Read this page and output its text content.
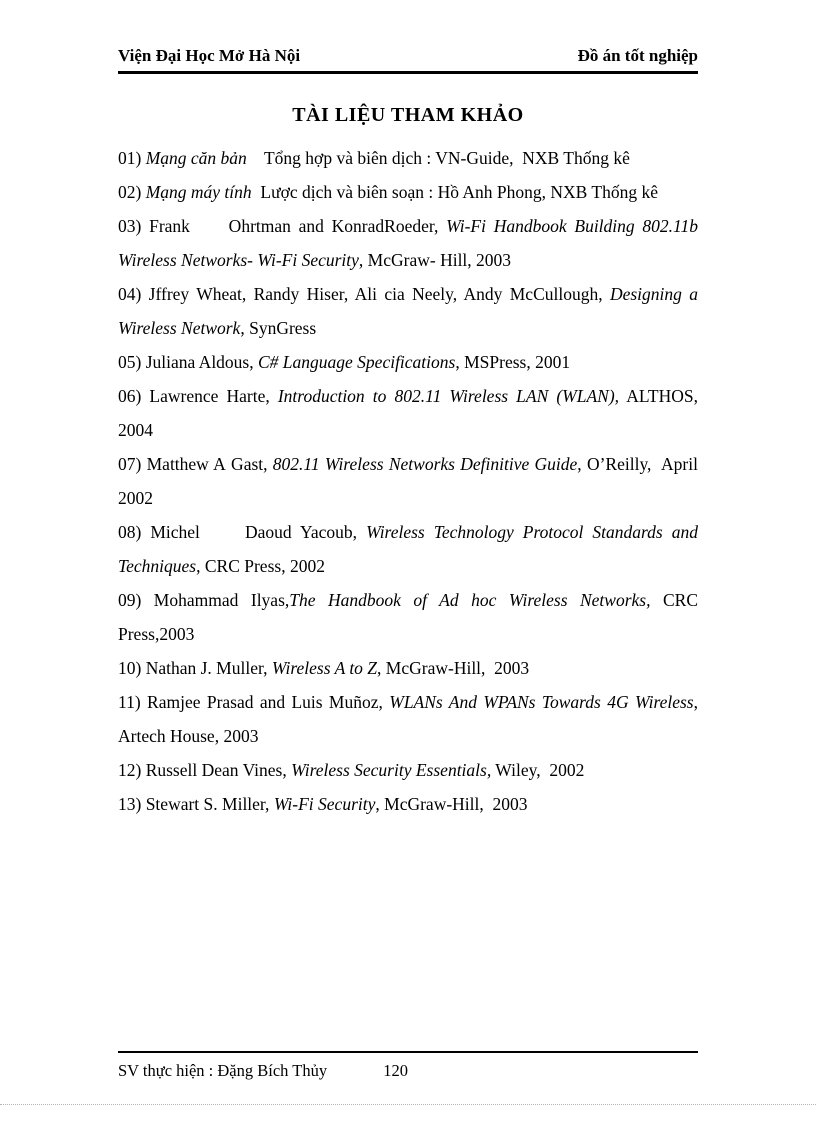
Viện Đại Học Mở Hà Nội	Đồ án tốt nghiệp
TÀI LIỆU THAM KHẢO

01) Mạng căn bản    Tổng hợp và biên dịch : VN-Guide,  NXB Thống kê

02) Mạng máy tính  Lược dịch và biên soạn : Hồ Anh Phong, NXB Thống kê

03) Frank     Ohrtman and KonradRoeder, Wi-Fi Handbook Building 802.11b Wireless Networks- Wi-Fi Security, McGraw- Hill, 2003

04) Jffrey Wheat, Randy Hiser, Ali cia Neely, Andy McCullough, Designing a Wireless Network, SynGress

05) Juliana Aldous, C# Language Specifications, MSPress, 2001

06) Lawrence Harte, Introduction to 802.11 Wireless LAN (WLAN), ALTHOS, 2004

07) Matthew A Gast, 802.11 Wireless Networks Definitive Guide, O’Reilly,  April 2002

08) Michel     Daoud Yacoub, Wireless Technology Protocol Standards and Techniques, CRC Press, 2002

09) Mohammad Ilyas,The Handbook of Ad hoc Wireless Networks, CRC Press,2003

10) Nathan J. Muller, Wireless A to Z, McGraw-Hill,  2003

11) Ramjee Prasad and Luis Muñoz, WLANs And WPANs Towards 4G Wireless, Artech House, 2003

12) Russell Dean Vines, Wireless Security Essentials, Wiley,  2002

13) Stewart S. Miller, Wi-Fi Security, McGraw-Hill,  2003

SV thực hiện : Đặng Bích Thủy	120
